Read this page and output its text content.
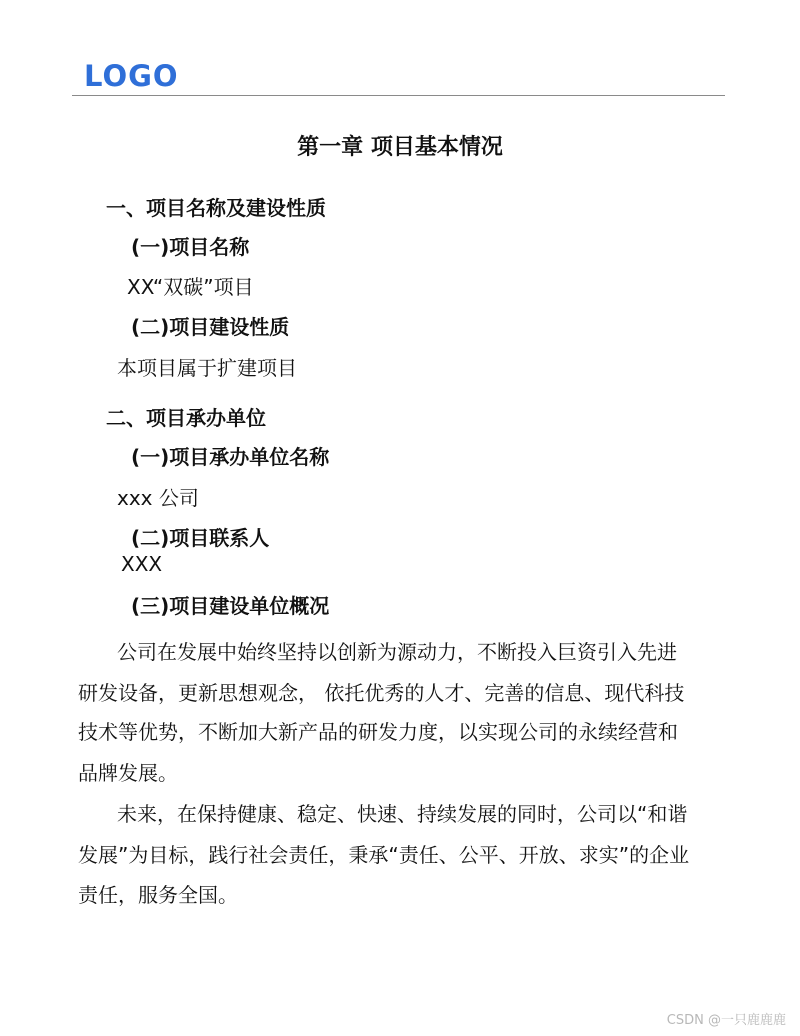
LOGO
第一章 项目基本情况
一、项目名称及建设性质
(一)项目名称
XX“双碳”项目
(二)项目建设性质
本项目属于扩建项目
二、项目承办单位
(一)项目承办单位名称
xxx 公司
(二)项目联系人
XXX
(三)项目建设单位概况
公司在发展中始终坚持以创新为源动力，不断投入巨资引入先进
研发设备，更新思想观念， 依托优秀的人才、完善的信息、现代科技
技术等优势，不断加大新产品的研发力度，以实现公司的永续经营和
品牌发展。
未来，在保持健康、稳定、快速、持续发展的同时，公司以“和谐
发展”为目标，践行社会责任，秉承“责任、公平、开放、求实”的企业
责任，服务全国。
CSDN @一只鹿鹿鹿
